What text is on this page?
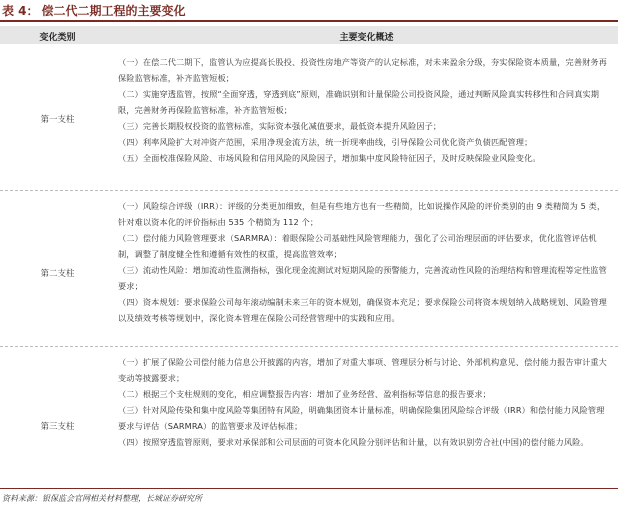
表 4： 偿二代二期工程的主要变化
变化类别	主要变化概述
第一支柱

（一）在偿二代二期下，监管认为应提高长股投、投资性房地产等资产的认定标准，对未来盈余分级，夯实保险资本质量，完善财务再保险监管标准，补齐监管短板；

（二）实施穿透监管，按照“全面穿透，穿透到底”原则，准确识别和计量保险公司投资风险，通过判断风险真实转移性和合同真实期限，完善财务再保险监管标准，补齐监管短板；

（三）完善长期股权投资的监管标准，实际资本强化减值要求，最低资本提升风险因子；

（四）利率风险扩大对冲资产范围，采用净现金流方法，统一折现率曲线，引导保险公司优化资产负债匹配管理；

（五）全面校准保险风险、市场风险和信用风险的风险因子，增加集中度风险特征因子，及时反映保险业风险变化。

第二支柱

（一）风险综合评级（IRR）：评级的分类更加细致，但是有些地方也有一些精简，比如说操作风险的评价类别的由 9 类精简为 5 类，针对难以资本化的评价指标由 535 个精简为 112 个；

（二）偿付能力风险管理要求（SARMRA）：着眼保险公司基础性风险管理能力，强化了公司治理层面的评估要求，优化监管评估机制，调整了制度健全性和遵循有效性的权重，提高监管效率；

（三）流动性风险：增加流动性监测指标，强化现金流测试对短期风险的预警能力，完善流动性风险的治理结构和管理流程等定性监管要求；

（四）资本规划：要求保险公司每年滚动编制未来三年的资本规划，确保资本充足；要求保险公司将资本规划纳入战略规划、风险管理以及绩效考核等规划中，深化资本管理在保险公司经营管理中的实践和应用。

第三支柱

（一）扩展了保险公司偿付能力信息公开披露的内容，增加了对重大事项、管理层分析与讨论、外部机构意见、偿付能力报告审计重大变动等披露要求；

（二）根据三个支柱规则的变化，相应调整报告内容：增加了业务经营、盈利指标等信息的报告要求；

（三）针对风险传染和集中度风险等集团特有风险，明确集团资本计量标准，明确保险集团风险综合评级（IRR）和偿付能力风险管理要求与评估（SARMRA）的监管要求及评估标准；

（四）按照穿透监管原则，要求对承保部和公司层面的可资本化风险分别评估和计量，以有效识别劳合社(中国)的偿付能力风险。

资料来源：银保监会官网相关材料整理，长城证券研究所
